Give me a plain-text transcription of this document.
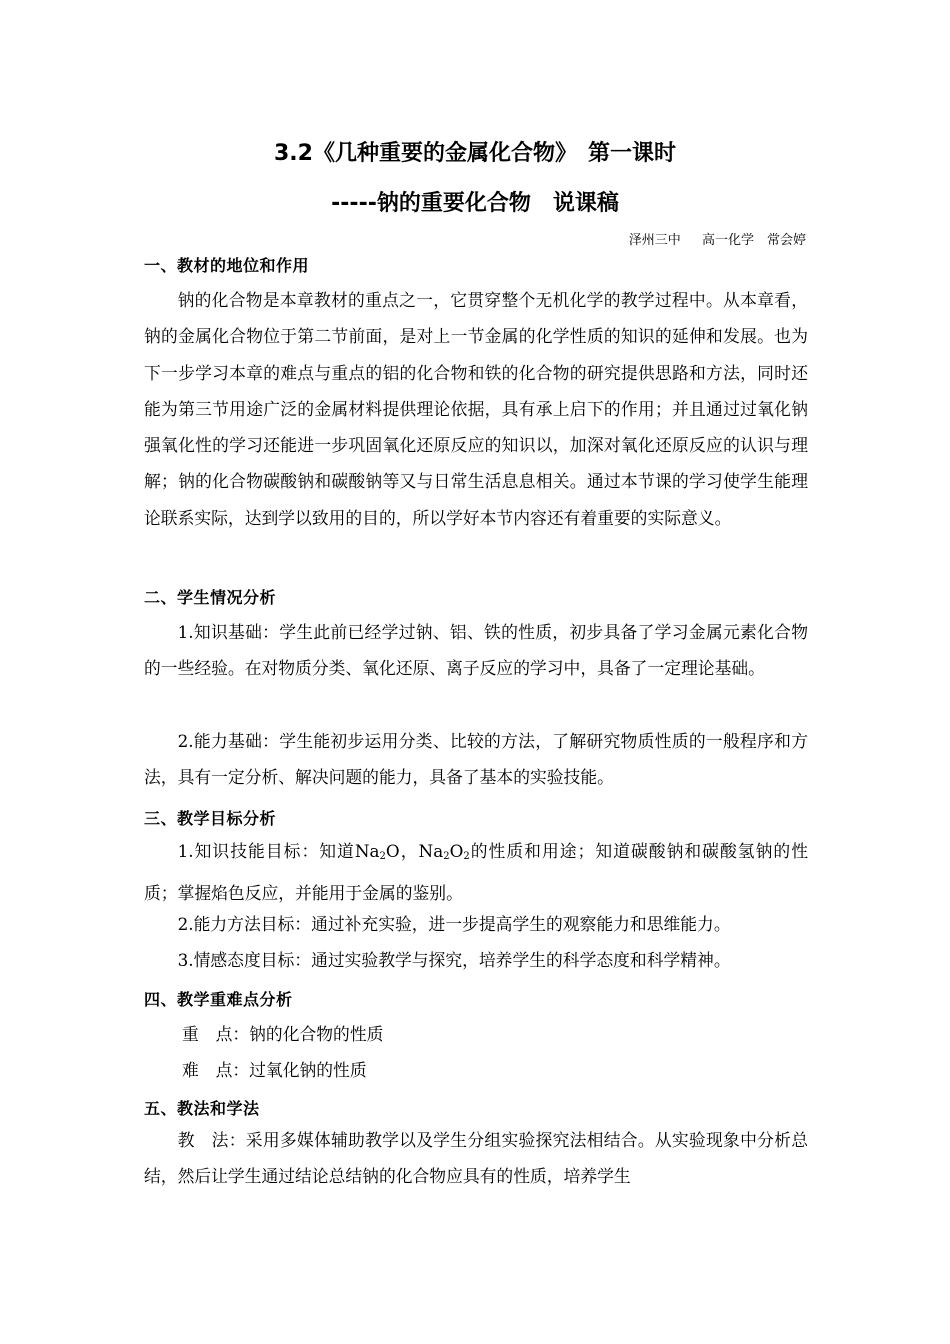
3.2《几种重要的金属化合物》　第一课时
-----钠的重要化合物　说课稿
泽州三中　  高一化学　常会婷
一、教材的地位和作用

钠的化合物是本章教材的重点之一，它贯穿整个无机化学的教学过程中。从本章看，钠的金属化合物位于第二节前面，是对上一节金属的化学性质的知识的延伸和发展。也为下一步学习本章的难点与重点的铝的化合物和铁的化合物的研究提供思路和方法，同时还能为第三节用途广泛的金属材料提供理论依据，具有承上启下的作用；并且通过过氧化钠强氧化性的学习还能进一步巩固氧化还原反应的知识以，加深对氧化还原反应的认识与理解；钠的化合物碳酸钠和碳酸钠等又与日常生活息息相关。通过本节课的学习使学生能理论联系实际，达到学以致用的目的，所以学好本节内容还有着重要的实际意义。

二、学生情况分析

1.知识基础：学生此前已经学过钠、铝、铁的性质，初步具备了学习金属元素化合物的一些经验。在对物质分类、氧化还原、离子反应的学习中，具备了一定理论基础。

2.能力基础：学生能初步运用分类、比较的方法，了解研究物质性质的一般程序和方法，具有一定分析、解决问题的能力，具备了基本的实验技能。

三、教学目标分析

1.知识技能目标：知道$Na_2O$，$Na_2O_2$的性质和用途；知道碳酸钠和碳酸氢钠的性质；掌握焰色反应，并能用于金属的鉴别。

2.能力方法目标：通过补充实验，进一步提高学生的观察能力和思维能力。

3.情感态度目标：通过实验教学与探究，培养学生的科学态度和科学精神。

四、教学重难点分析
重　点：钠的化合物的性质
难　点：过氧化钠的性质
五、教法和学法

教　法：采用多媒体辅助教学以及学生分组实验探究法相结合。从实验现象中分析总结，然后让学生通过结论总结钠的化合物应具有的性质，培养学生
